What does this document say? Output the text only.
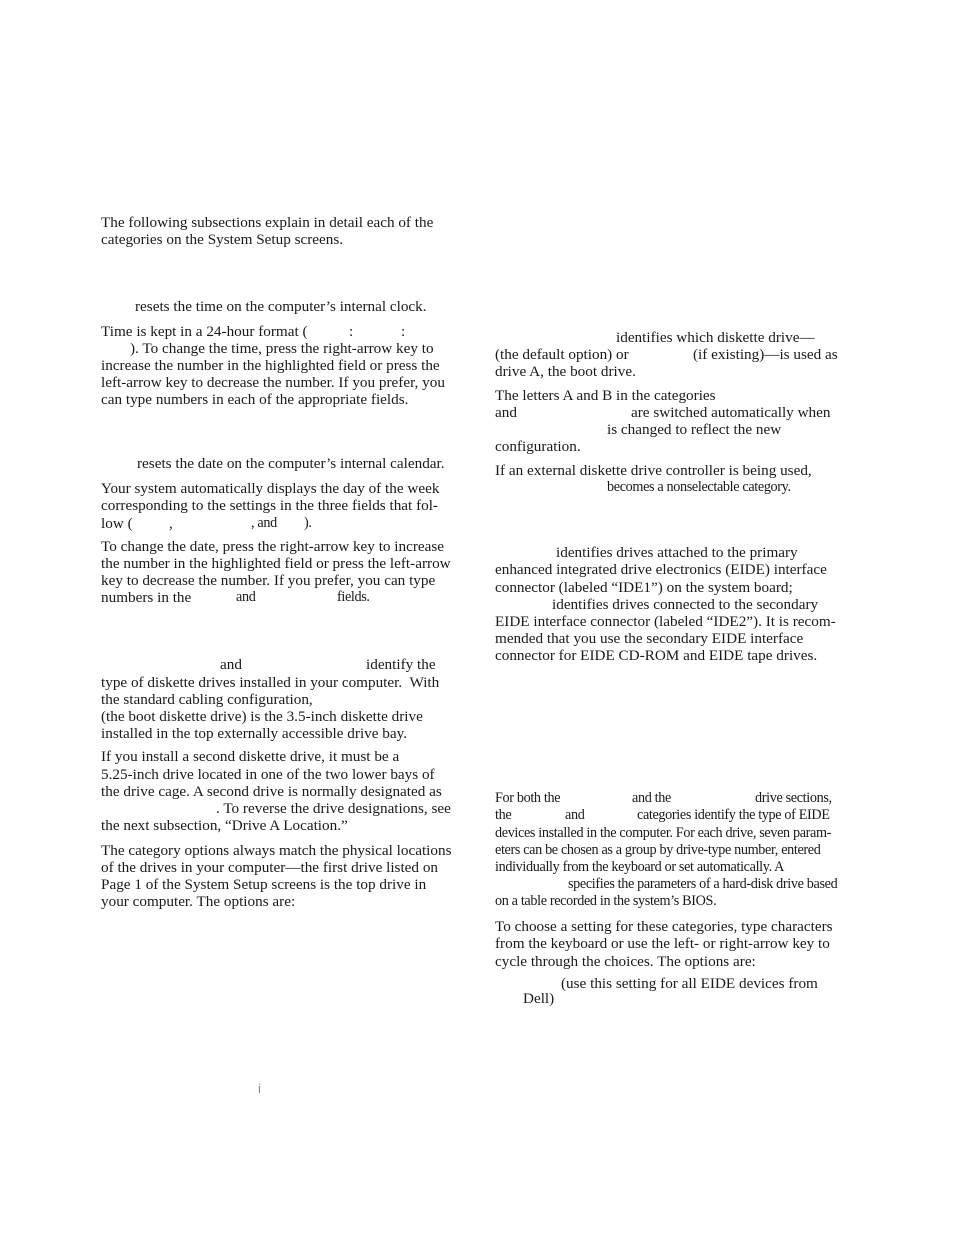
The following subsections explain in detail each of the

categories on the System Setup screens.

resets the time on the computer’s internal clock.

Time is kept in a 24-hour format (	:	:

). To change the time, press the right-arrow key to

increase the number in the highlighted field or press the

left-arrow key to decrease the number. If you prefer, you

can type numbers in each of the appropriate fields.

resets the date on the computer’s internal calendar.

Your system automatically displays the day of the week

corresponding to the settings in the three fields that fol-

low ( ,	, and ).

To change the date, press the right-arrow key to increase

the number in the highlighted field or press the left-arrow

key to decrease the number. If you prefer, you can type

numbers in the	and	fields.

and	identify the

type of diskette drives installed in your computer.  With

the standard cabling configuration,

(the boot diskette drive) is the 3.5-inch diskette drive

installed in the top externally accessible drive bay.

If you install a second diskette drive, it must be a

5.25-inch drive located in one of the two lower bays of

the drive cage. A second drive is normally designated as

. To reverse the drive designations, see

the next subsection, “Drive A Location.”

The category options always match the physical locations

of the drives in your computer—the first drive listed on

Page 1 of the System Setup screens is the top drive in

your computer. The options are:

identifies which diskette drive—

(the default option) or	(if existing)—is used as

drive A, the boot drive.

The letters A and B in the categories

and	are switched automatically when

is changed to reflect the new

configuration.

If an external diskette drive controller is being used,

becomes a nonselectable category.

identifies drives attached to the primary

enhanced integrated drive electronics (EIDE) interface

connector (labeled “IDE1”) on the system board;

identifies drives connected to the secondary

EIDE interface connector (labeled “IDE2”). It is recom-

mended that you use the secondary EIDE interface

connector for EIDE CD-ROM and EIDE tape drives.

For both the	and the	drive sections,

the	and	categories identify the type of EIDE

devices installed in the computer. For each drive, seven param-

eters can be chosen as a group by drive-type number, entered

individually from the keyboard or set automatically. A

specifies the parameters of a hard-disk drive based

on a table recorded in the system’s BIOS.

To choose a setting for these categories, type characters

from the keyboard or use the left- or right-arrow key to

cycle through the choices. The options are:

(use this setting for all EIDE devices from

Dell)

i
